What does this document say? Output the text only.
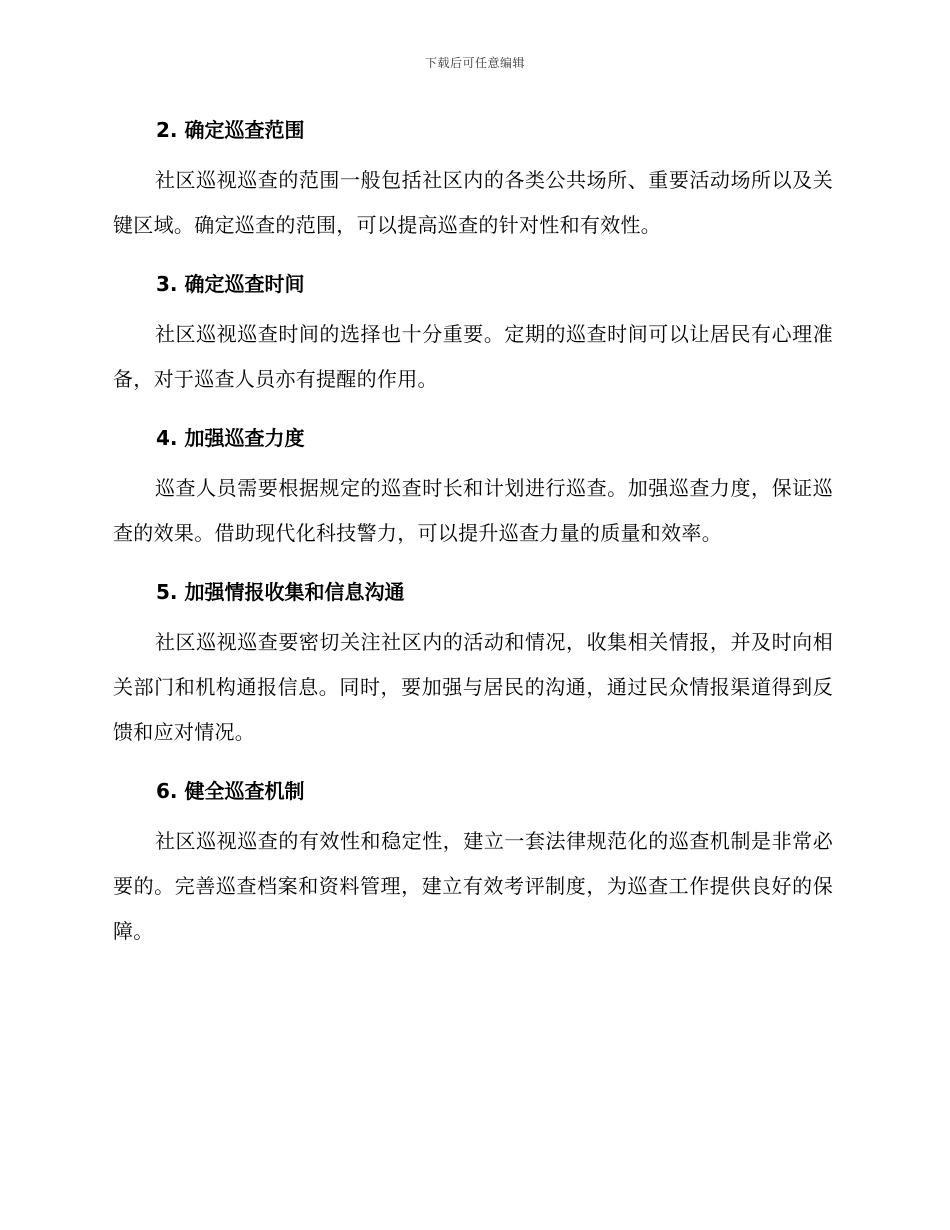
下载后可任意编辑
2. 确定巡查范围

社区巡视巡查的范围一般包括社区内的各类公共场所、重要活动场所以及关键区域。确定巡查的范围，可以提高巡查的针对性和有效性。

3. 确定巡查时间

社区巡视巡查时间的选择也十分重要。定期的巡查时间可以让居民有心理准备，对于巡查人员亦有提醒的作用。

4. 加强巡查力度

巡查人员需要根据规定的巡查时长和计划进行巡查。加强巡查力度，保证巡查的效果。借助现代化科技警力，可以提升巡查力量的质量和效率。

5. 加强情报收集和信息沟通

社区巡视巡查要密切关注社区内的活动和情况，收集相关情报，并及时向相关部门和机构通报信息。同时，要加强与居民的沟通，通过民众情报渠道得到反馈和应对情况。

6. 健全巡查机制

社区巡视巡查的有效性和稳定性，建立一套法律规范化的巡查机制是非常必要的。完善巡查档案和资料管理，建立有效考评制度，为巡查工作提供良好的保障。
